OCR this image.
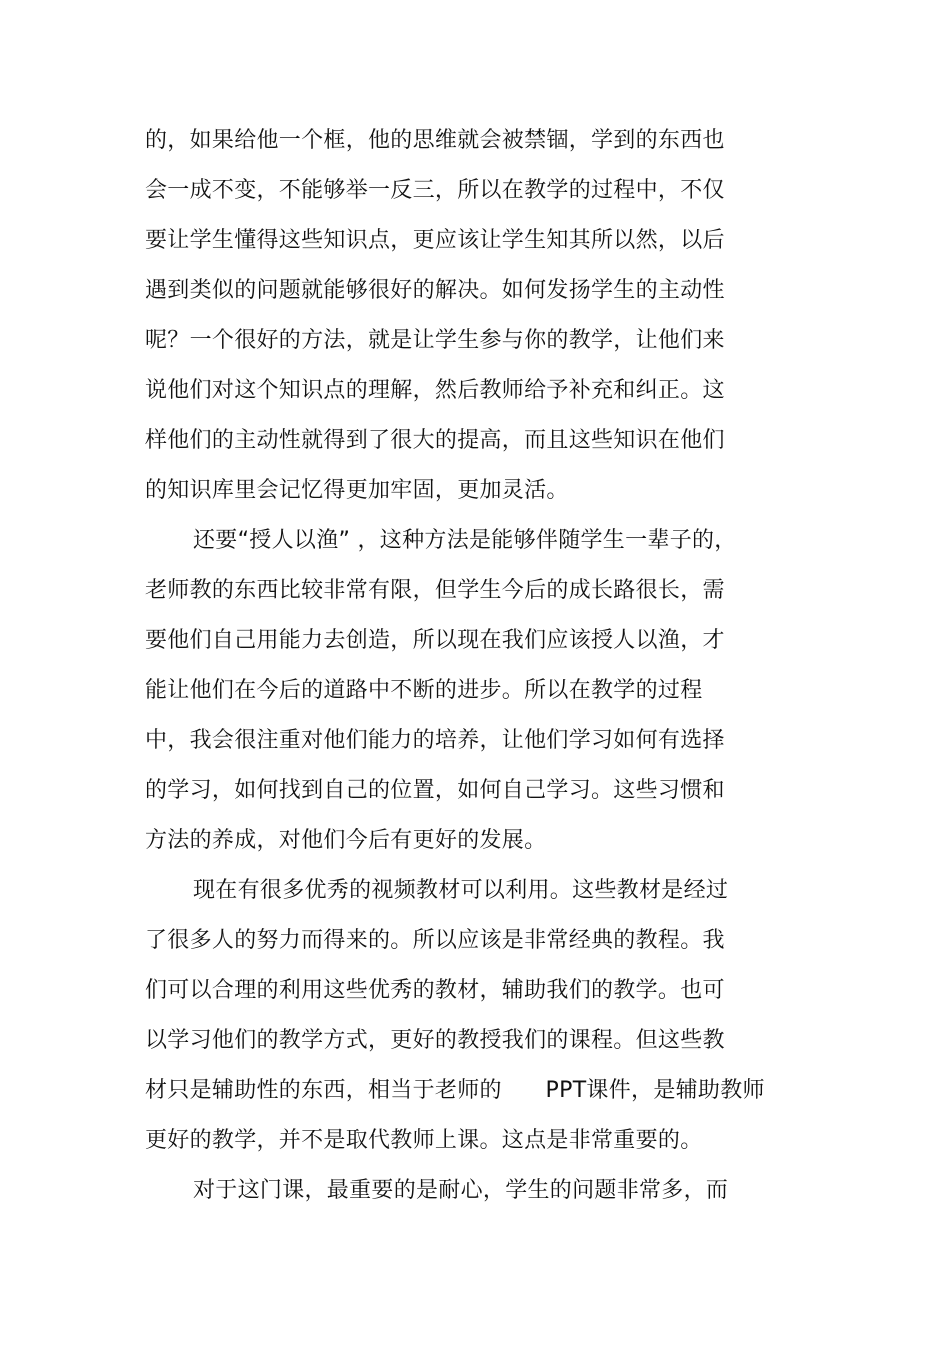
的，如果给他一个框，他的思维就会被禁锢，学到的东西也
会一成不变，不能够举一反三，所以在教学的过程中，不仅
要让学生懂得这些知识点，更应该让学生知其所以然，以后
遇到类似的问题就能够很好的解决。如何发扬学生的主动性
呢？一个很好的方法，就是让学生参与你的教学，让他们来
说他们对这个知识点的理解，然后教师给予补充和纠正。这
样他们的主动性就得到了很大的提高，而且这些知识在他们
的知识库里会记忆得更加牢固，更加灵活。
还要“授人以渔” ，这种方法是能够伴随学生一辈子的，
老师教的东西比较非常有限，但学生今后的成长路很长，需
要他们自己用能力去创造，所以现在我们应该授人以渔，才
能让他们在今后的道路中不断的进步。所以在教学的过程
中，我会很注重对他们能力的培养，让他们学习如何有选择
的学习，如何找到自己的位置，如何自己学习。这些习惯和
方法的养成，对他们今后有更好的发展。
现在有很多优秀的视频教材可以利用。这些教材是经过
了很多人的努力而得来的。所以应该是非常经典的教程。我
们可以合理的利用这些优秀的教材，辅助我们的教学。也可
以学习他们的教学方式，更好的教授我们的课程。但这些教
材只是辅助性的东西，相当于老师的      PPT课件，是辅助教师
更好的教学，并不是取代教师上课。这点是非常重要的。
对于这门课，最重要的是耐心，学生的问题非常多，而
